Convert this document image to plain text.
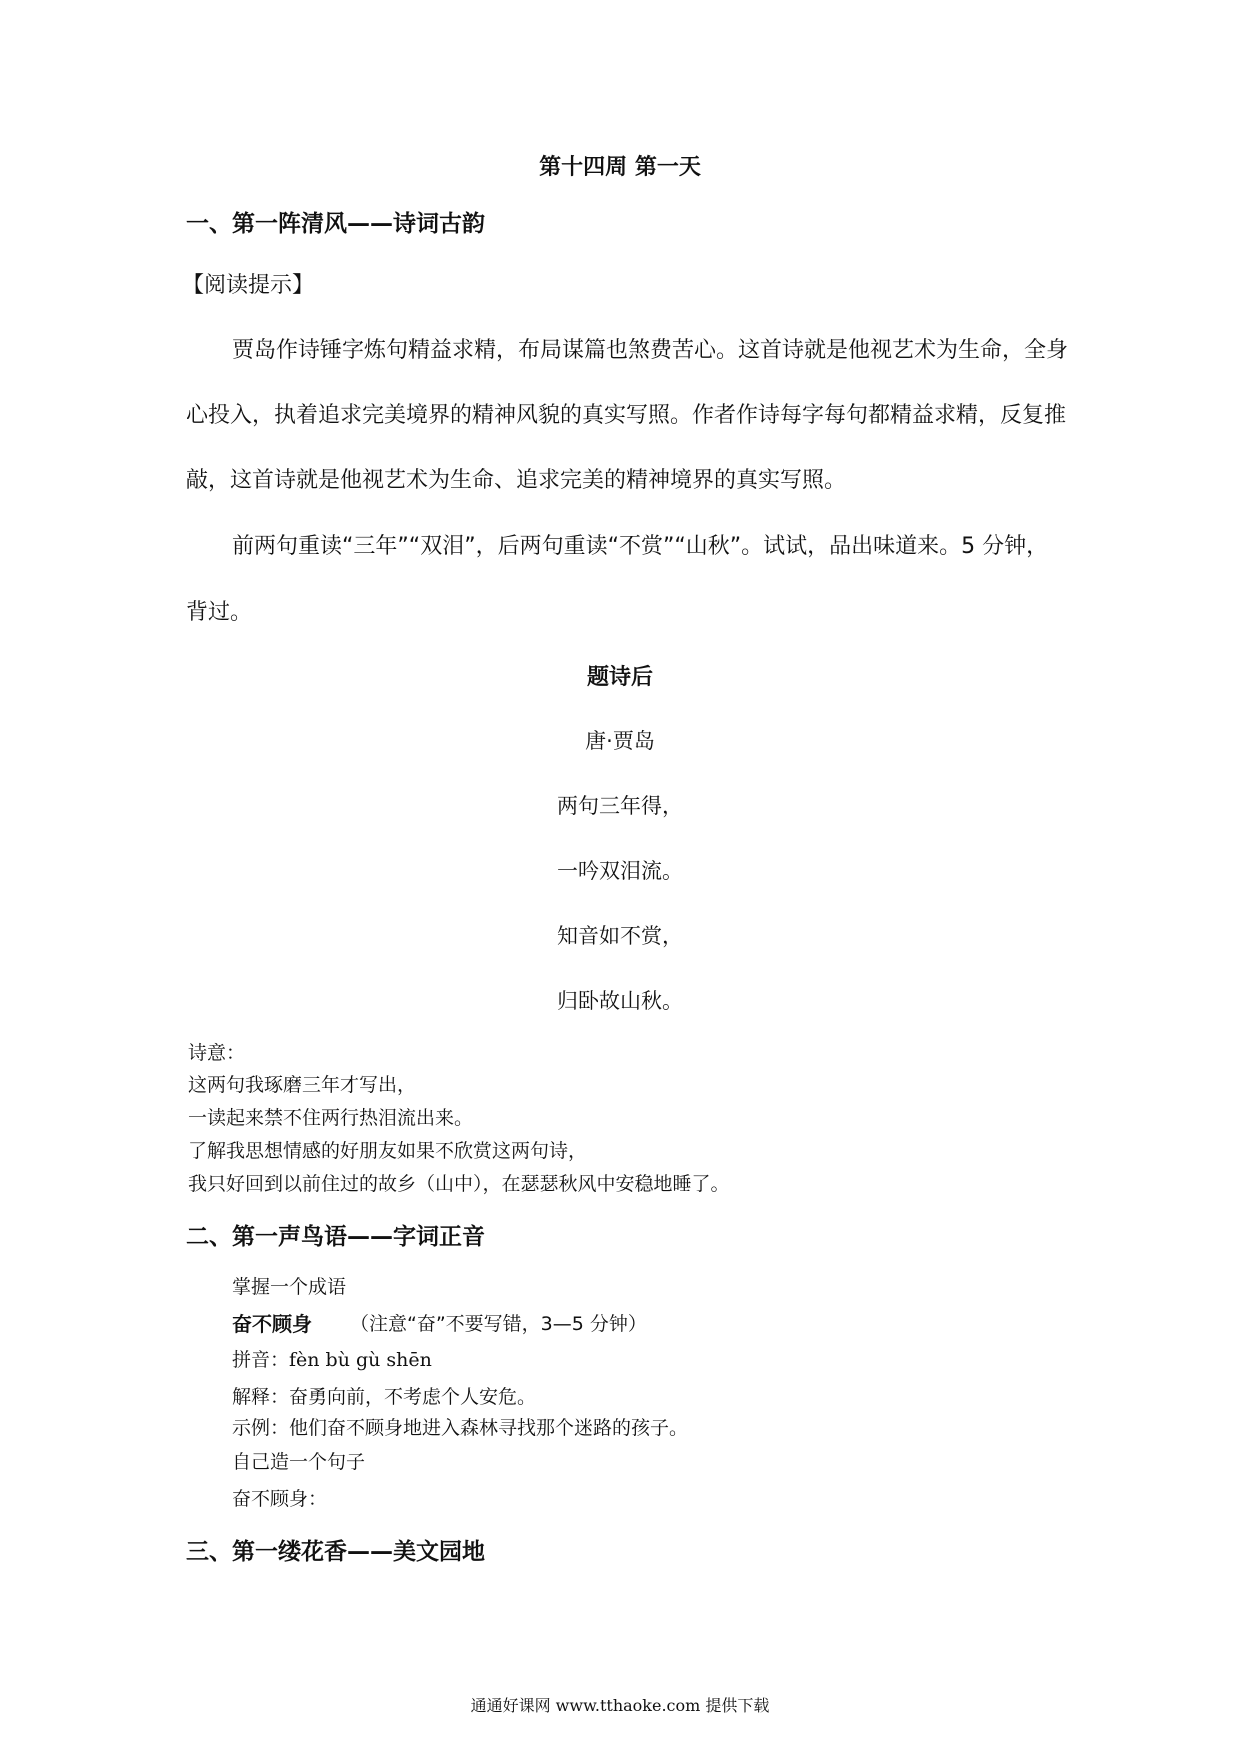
第十四周 第一天
一、第一阵清风——诗词古韵
【阅读提示】
贾岛作诗锤字炼句精益求精，布局谋篇也煞费苦心。这首诗就是他视艺术为生命，全身
心投入，执着追求完美境界的精神风貌的真实写照。作者作诗每字每句都精益求精，反复推
敲，这首诗就是他视艺术为生命、追求完美的精神境界的真实写照。
前两句重读“三年”“双泪”，后两句重读“不赏”“山秋”。试试，品出味道来。5 分钟，
背过。
题诗后
唐·贾岛
两句三年得，
一吟双泪流。
知音如不赏，
归卧故山秋。
诗意：
这两句我琢磨三年才写出，
一读起来禁不住两行热泪流出来。
了解我思想情感的好朋友如果不欣赏这两句诗，
我只好回到以前住过的故乡（山中），在瑟瑟秋风中安稳地睡了。
二、第一声鸟语——字词正音
掌握一个成语
奋不顾身 （注意“奋”不要写错，3—5 分钟）
拼音：fèn bù gù shēn
解释：奋勇向前，不考虑个人安危。
示例：他们奋不顾身地进入森林寻找那个迷路的孩子。
自己造一个句子
奋不顾身：
三、第一缕花香——美文园地
通通好课网 www.tthaoke.com 提供下载
